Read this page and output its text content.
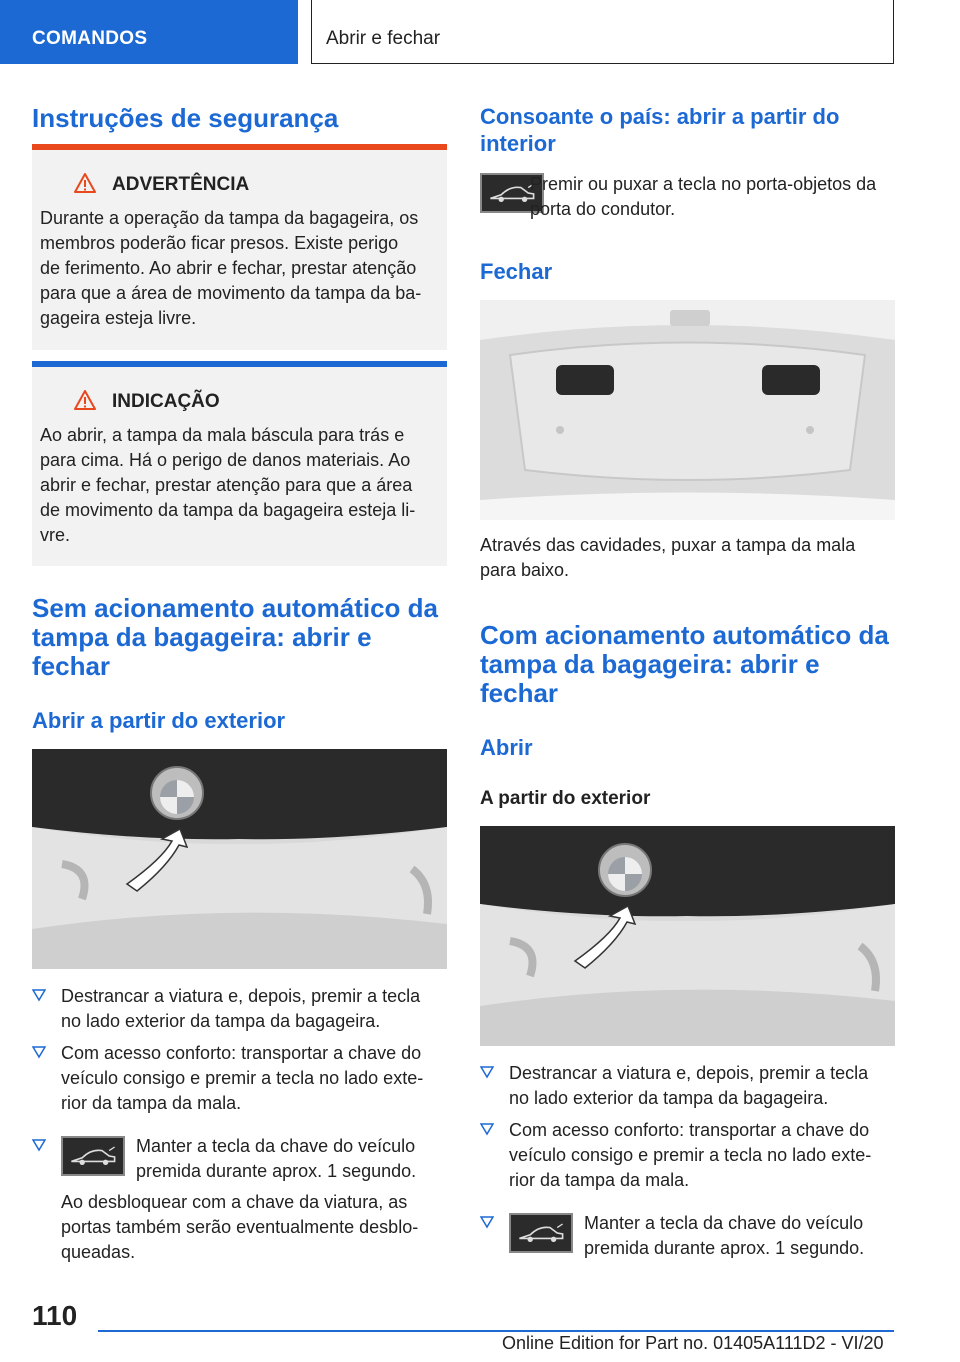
COMANDOS	Abrir e fechar
Instruções de segurança
ADVERTÊNCIA
Durante a operação da tampa da bagageira, os
membros poderão ficar presos. Existe perigo
de ferimento. Ao abrir e fechar, prestar atenção
para que a área de movimento da tampa da ba-
gageira esteja livre.
INDICAÇÃO
Ao abrir, a tampa da mala báscula para trás e
para cima. Há o perigo de danos materiais. Ao
abrir e fechar, prestar atenção para que a área
de movimento da tampa da bagageira esteja li-
vre.
Sem acionamento automático da
tampa da bagageira: abrir e
fechar
Abrir a partir do exterior
Destrancar a viatura e, depois, premir a tecla
no lado exterior da tampa da bagageira.
Com acesso conforto: transportar a chave do
veículo consigo e premir a tecla no lado exte-
rior da tampa da mala.
Manter a tecla da chave do veículo
premida durante aprox. 1 segundo.
Ao desbloquear com a chave da viatura, as
portas também serão eventualmente desblo-
queadas.
Consoante o país: abrir a partir do
interior
Premir ou puxar a tecla no porta-objetos da
porta do condutor.
Fechar
Através das cavidades, puxar a tampa da mala
para baixo.
Com acionamento automático da
tampa da bagageira: abrir e
fechar
Abrir
A partir do exterior
Destrancar a viatura e, depois, premir a tecla
no lado exterior da tampa da bagageira.
Com acesso conforto: transportar a chave do
veículo consigo e premir a tecla no lado exte-
rior da tampa da mala.
Manter a tecla da chave do veículo
premida durante aprox. 1 segundo.
110
Online Edition for Part no. 01405A111D2 - VI/20
